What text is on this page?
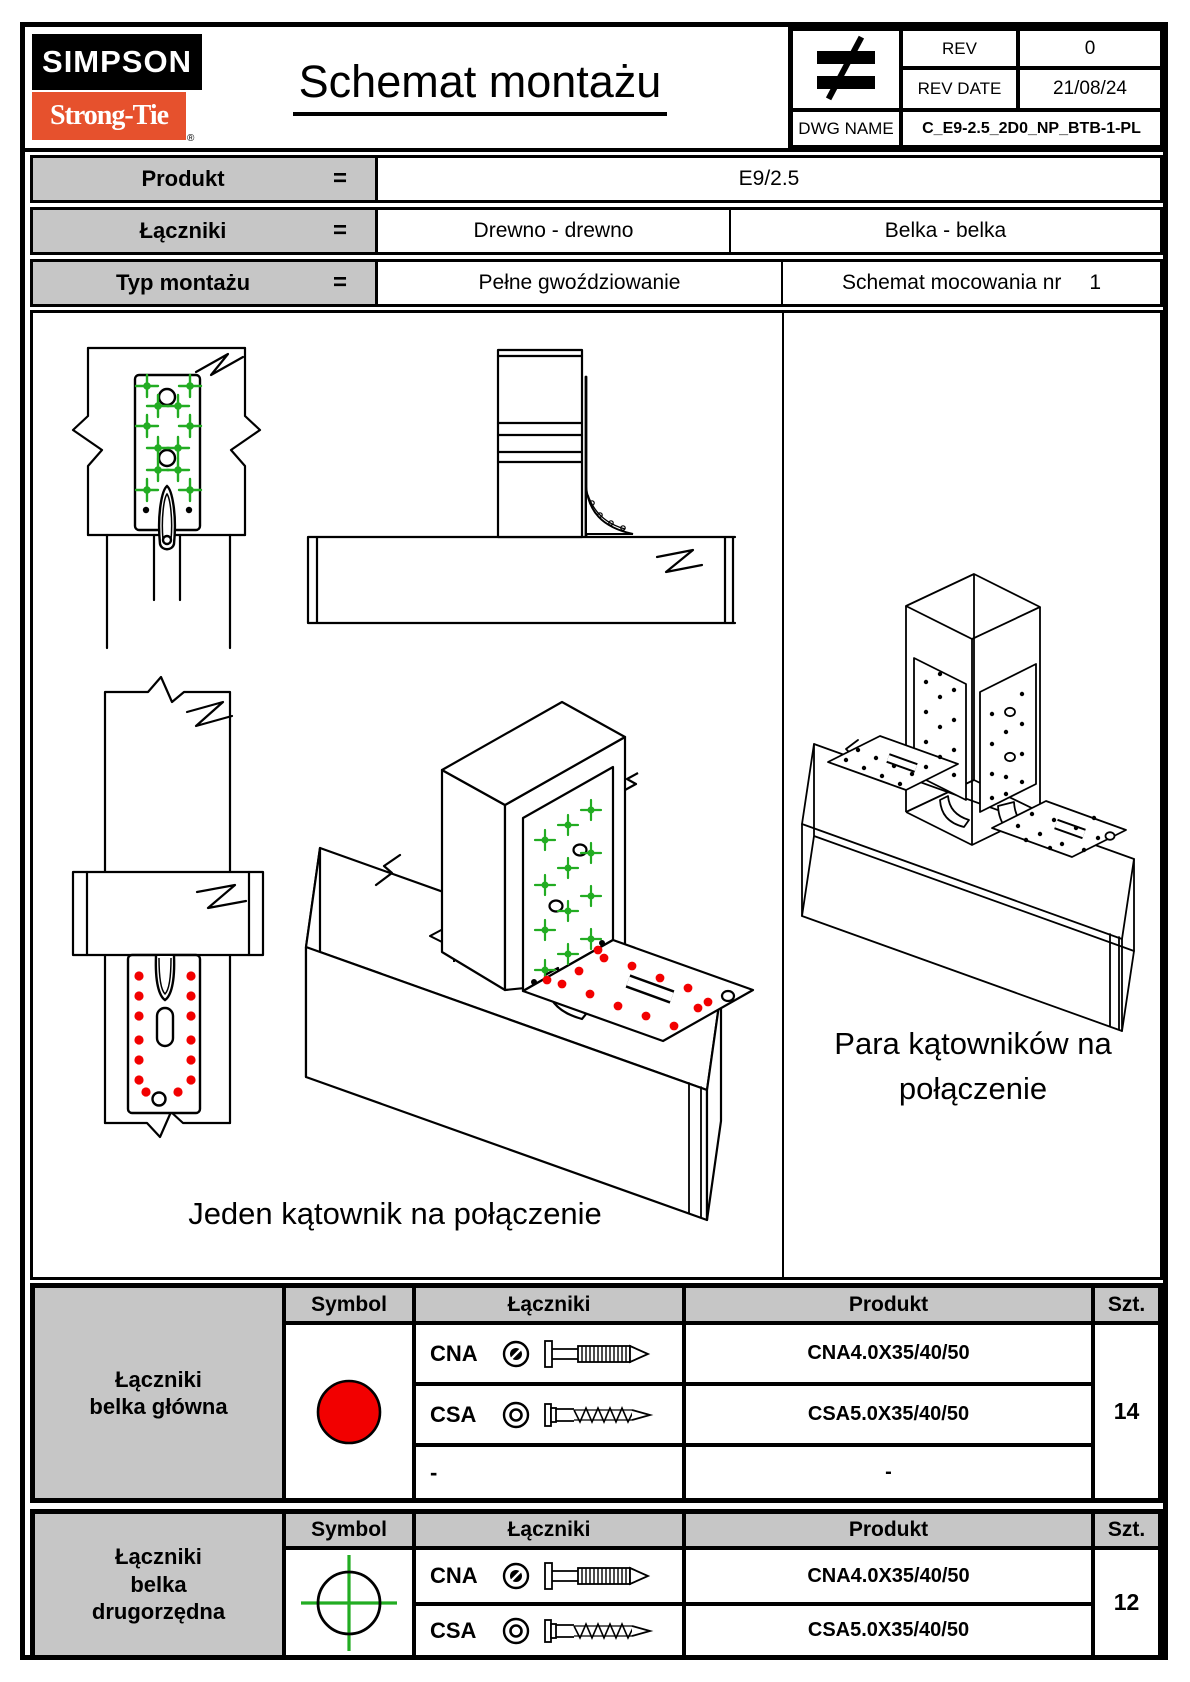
SIMPSON
Strong-Tie
®
Schemat montażu
REV	0
REV DATE	21/08/24
DWG NAME	C_E9-2.5_2D0_NP_BTB-1-PL
Produkt	=	E9/2.5
Łączniki	=	Drewno - drewno	Belka - belka
Typ montażu	=	Pełne gwoździowanie	Schemat mocowania nr 1
Jeden kątownik na połączenie
Para kątowników na
połączenie
Łączniki
belka główna
Symbol	Łączniki	Produkt	Szt.
CNA	CNA4.0X35/40/50
CSA	CSA5.0X35/40/50
-	-
14
Łączniki
belka
drugorzędna
Symbol	Łączniki	Produkt	Szt.
CNA	CNA4.0X35/40/50
CSA	CSA5.0X35/40/50
12
